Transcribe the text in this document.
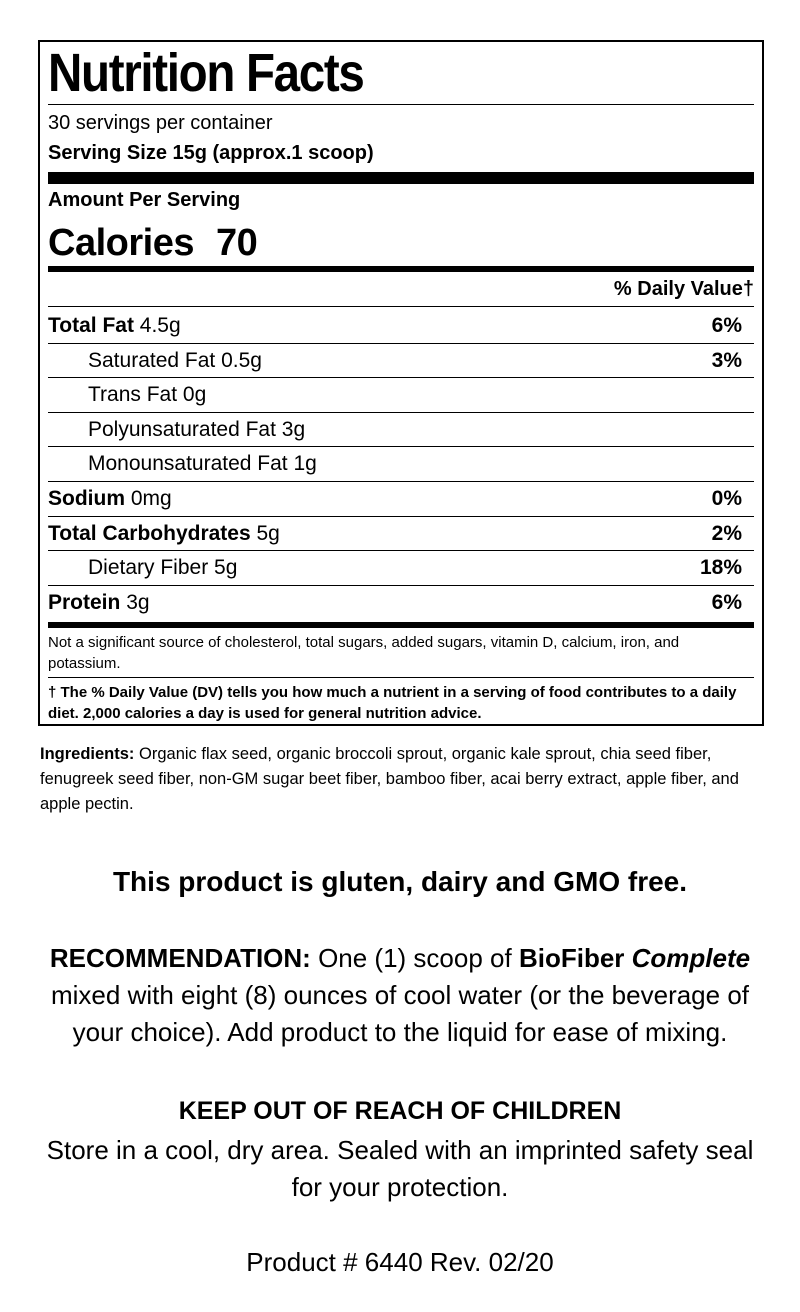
Nutrition Facts
30 servings per container
Serving Size 15g (approx.1 scoop)
Amount Per Serving
Calories 70
% Daily Value†
Total Fat 4.5g	6%
Saturated Fat 0.5g	3%
Trans Fat 0g
Polyunsaturated Fat 3g
Monounsaturated Fat 1g
Sodium 0mg	0%
Total Carbohydrates 5g	2%
Dietary Fiber 5g	18%
Protein 3g	6%
Not a significant source of cholesterol, total sugars, added sugars, vitamin D, calcium, iron, and potassium.
† The % Daily Value (DV) tells you how much a nutrient in a serving of food contributes to a daily diet. 2,000 calories a day is used for general nutrition advice.
Ingredients: Organic flax seed, organic broccoli sprout, organic kale sprout, chia seed fiber, fenugreek seed fiber, non-GM sugar beet fiber, bamboo fiber, acai berry extract, apple fiber, and apple pectin.
This product is gluten, dairy and GMO free.
RECOMMENDATION: One (1) scoop of BioFiber Complete mixed with eight (8) ounces of cool water (or the beverage of your choice). Add product to the liquid for ease of mixing.
KEEP OUT OF REACH OF CHILDREN
Store in a cool, dry area. Sealed with an imprinted safety seal for your protection.
Product # 6440 Rev. 02/20
